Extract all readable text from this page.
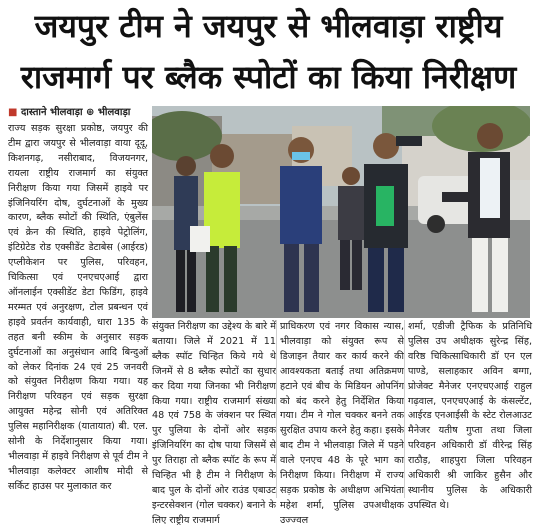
जयपुर टीम ने जयपुर से भीलवाड़ा राष्ट्रीय
राजमार्ग पर ब्लैक स्पोटों का किया निरीक्षण
■ दास्ताने भीलवाड़ा ⊕ भीलवाड़ा
राज्य सड़क सुरक्षा प्रकोष्ठ, जयपुर की टीम द्वारा जयपुर से भीलवाड़ा वाया दूदू, किशनगढ़, नसीराबाद, विजयनगर, रायला राष्ट्रीय राजमार्ग का संयुक्त निरीक्षण किया गया जिसमें हाइवे पर इंजिनियरिंग दोष, दुर्घटनाओं के मुख्य कारण, ब्लैक स्पोटों की स्थिति, एंबुलेंस एवं क्रेन की स्थिति, हाइवे पेट्रोलिंग, इंटिग्रेटेड रोड एक्सीडेंट डेटाबेस (आईरड) एप्लीकेशन पर पुलिस, परिवहन, चिकित्सा एवं एनएचएआई द्वारा ऑनलाईन एक्सीडेंट डेटा फिडिंग, हाइवे मरम्मत एवं अनुरक्षण, टोल प्रबन्धन एवं हाइवे प्रवर्तन कार्यवाही, धारा 135 के तहत बनी स्कीम के अनुसार सड़क दुर्घटनाओं का अनुसंधान आदि बिन्दुओं को लेकर दिनांक 24 एवं 25 जनवरी को संयुक्त निरीक्षण किया गया। यह निरीक्षण परिवहन एवं सड़क सुरक्षा आयुक्त महेन्द्र सोनी एवं अतिरिक्त पुलिस महानिरीक्षक (यातायात) बी. एल. सोनी के निर्देशानुसार किया गया। भीलवाड़ा में हाइवे निरीक्षण से पूर्व टीम ने भीलवाड़ा कलेक्टर आशीष मोदी से सर्किट हाउस पर मुलाकात कर
संयुक्त निरीक्षण का उद्देश्य के बारे में बताया। जिले में 2021 में 11 ब्लैक स्पॉट चिन्हित किये गये थे जिनमें से 8 ब्लैक स्पोटों का सुधार कर दिया गया जिनका भी निरीक्षण किया गया। राष्ट्रीय राजमार्ग संख्या 48 एवं 758 के जंक्शन पर स्थित पुर पुलिया के दोनों ओर सड़क इंजिनियरिंग का दोष पाया जिसमें से पुर तिराहा तो ब्लैक स्पॉट के रूप में चिन्हित भी है टीम ने निरीक्षण के बाद पुल के दोनों ओर राउंड एबाउट इन्टरसेक्शन (गोल चक्कर) बनाने के लिए राष्ट्रीय राजमार्ग
प्राधिकरण एवं नगर विकास न्यास, भीलवाड़ा को संयुक्त रूप से डिजाइन तैयार कर कार्य करने की आवश्यकता बताई तथा अतिक्रमण हटाने एवं बीच के मिडियन ओपनिंग को बंद करने हेतु निर्देशित किया गया। टीम ने गोल चक्कर बनने तक सुरक्षित उपाय करने हेतु कहा। इसके बाद टीम ने भीलवाड़ा जिले में पड़ने वाले एनएच 48 के पूरे भाग का निरीक्षण किया। निरीक्षण में राज्य सड़क प्रकोष्ठ के अधीक्षण अभियंता महेश शर्मा, पुलिस उपअधीक्षक उज्ज्वल
शर्मा, एडीजी ट्रैफिक के प्रतिनिधि पुलिस उप अधीक्षक सुरेन्द्र सिंह, वरिष्ठ चिकित्साधिकारी डॉ एन एल पाण्डे, सलाहकार अविन बग्गा, प्रोजेक्ट मैनेजर एनएचएआई राहुल गढ़वाल, एनएचएआई के कंसल्टेंट, आईरड एनआईसी के स्टेट रोलआउट मैनेजर यतीष गुप्ता तथा जिला परिवहन अधिकारी डॉ वीरेन्द्र सिंह राठौड़, शाहपुरा जिला परिवहन अधिकारी श्री जाकिर हुसैन और स्थानीय पुलिस के अधिकारी उपस्थित थे।
